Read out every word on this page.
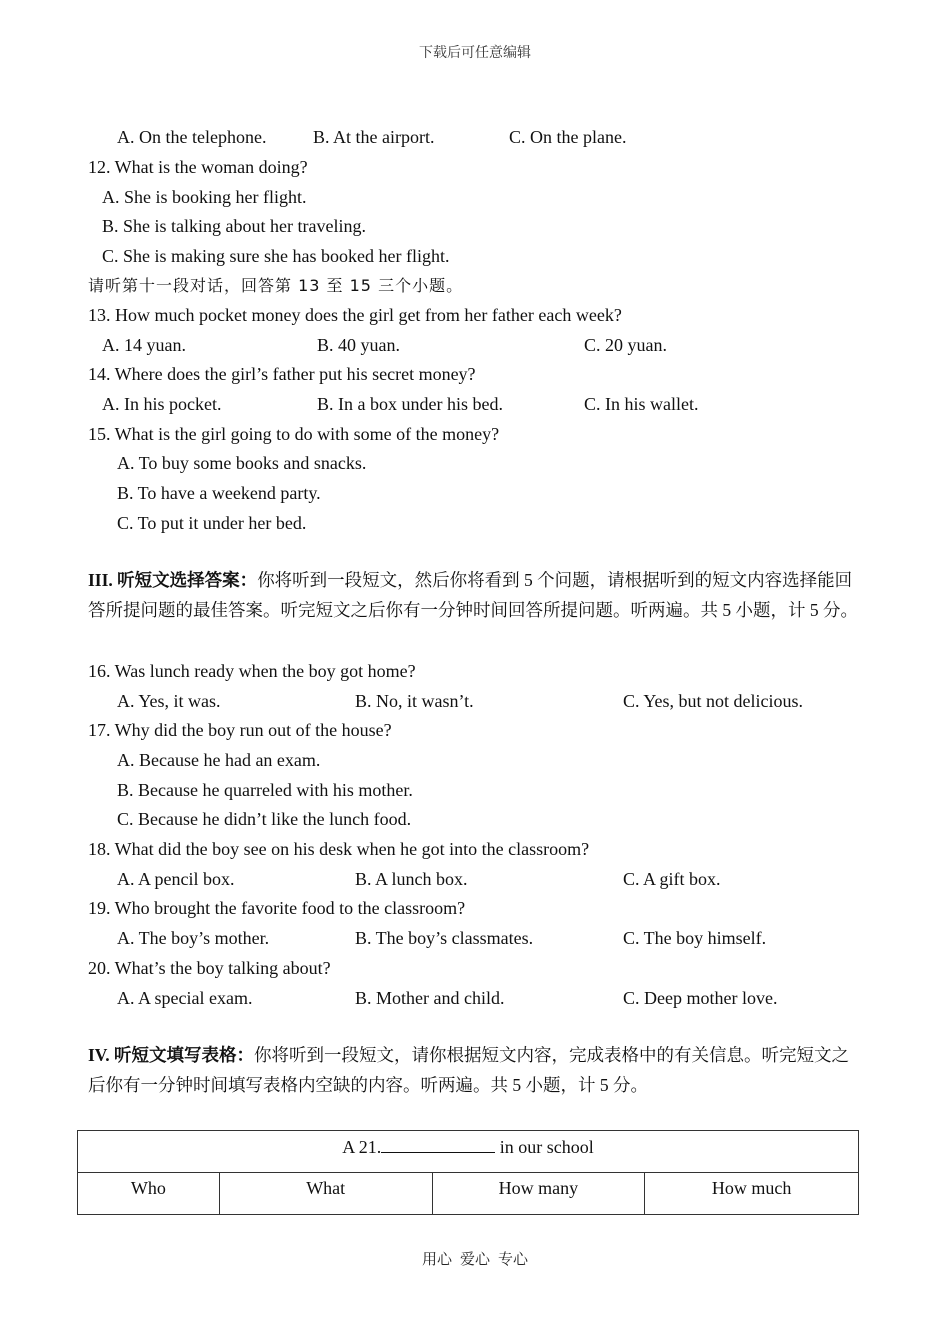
下载后可任意编辑
A. On the telephone.	B. At the airport.	C. On the plane.
12. What is the woman doing?
A. She is booking her flight.
B. She is talking about her traveling.
C. She is making sure she has booked her flight.
请听第十一段对话，回答第 13 至 15 三个小题。
13. How much pocket money does the girl get from her father each week?
A. 14 yuan.	B. 40 yuan.	C. 20 yuan.
14. Where does the girl’s father put his secret money?
A. In his pocket.	B. In a box under his bed.	C. In his wallet.
15. What is the girl going to do with some of the money?
A. To buy some books and snacks.
B. To have a weekend party.
C. To put it under her bed.
III. 听短文选择答案：你将听到一段短文，然后你将看到 5 个问题，请根据听到的短文内容选择能回答所提问题的最佳答案。听完短文之后你有一分钟时间回答所提问题。听两遍。共 5 小题，计 5 分。
16. Was lunch ready when the boy got home?
A. Yes, it was.	B. No, it wasn’t.	C. Yes, but not delicious.
17. Why did the boy run out of the house?
A. Because he had an exam.
B. Because he quarreled with his mother.
C. Because he didn’t like the lunch food.
18. What did the boy see on his desk when he got into the classroom?
A. A pencil box.	B. A lunch box.	C. A gift box.
19. Who brought the favorite food to the classroom?
A. The boy’s mother.	B. The boy’s classmates.	C. The boy himself.
20. What’s the boy talking about?
A. A special exam.	B. Mother and child.	C. Deep mother love.
IV. 听短文填写表格：你将听到一段短文，请你根据短文内容，完成表格中的有关信息。听完短文之后你有一分钟时间填写表格内空缺的内容。听两遍。共 5 小题，计 5 分。
A 21.	in our school
Who	What	How many	How much
用心 爱心 专心
